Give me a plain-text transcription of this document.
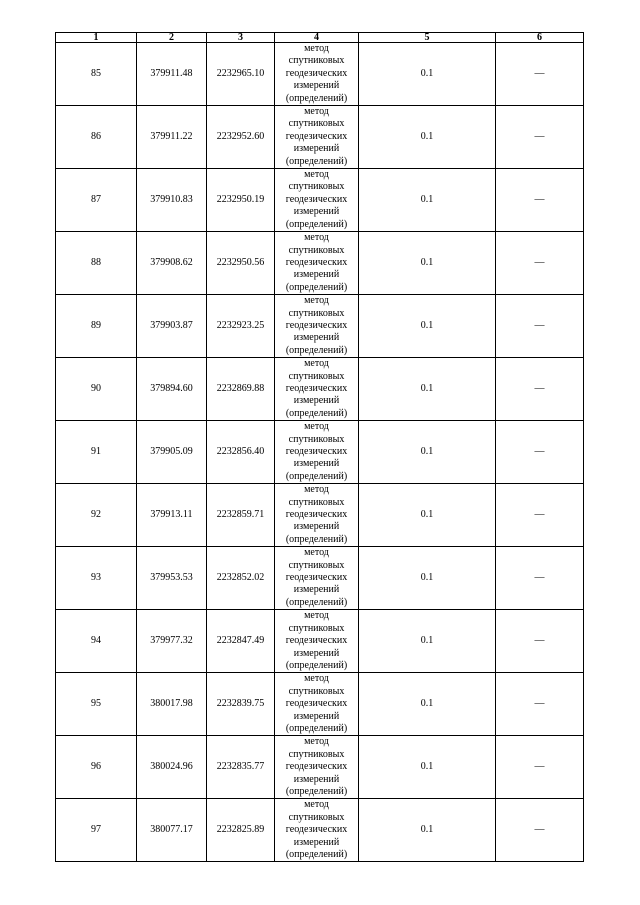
1	2	3	4	5	6
85	379911.48	2232965.10	метод
спутниковых
геодезических
измерений
(определений)	0.1	—
86	379911.22	2232952.60	метод
спутниковых
геодезических
измерений
(определений)	0.1	—
87	379910.83	2232950.19	метод
спутниковых
геодезических
измерений
(определений)	0.1	—
88	379908.62	2232950.56	метод
спутниковых
геодезических
измерений
(определений)	0.1	—
89	379903.87	2232923.25	метод
спутниковых
геодезических
измерений
(определений)	0.1	—
90	379894.60	2232869.88	метод
спутниковых
геодезических
измерений
(определений)	0.1	—
91	379905.09	2232856.40	метод
спутниковых
геодезических
измерений
(определений)	0.1	—
92	379913.11	2232859.71	метод
спутниковых
геодезических
измерений
(определений)	0.1	—
93	379953.53	2232852.02	метод
спутниковых
геодезических
измерений
(определений)	0.1	—
94	379977.32	2232847.49	метод
спутниковых
геодезических
измерений
(определений)	0.1	—
95	380017.98	2232839.75	метод
спутниковых
геодезических
измерений
(определений)	0.1	—
96	380024.96	2232835.77	метод
спутниковых
геодезических
измерений
(определений)	0.1	—
97	380077.17	2232825.89	метод
спутниковых
геодезических
измерений
(определений)	0.1	—
